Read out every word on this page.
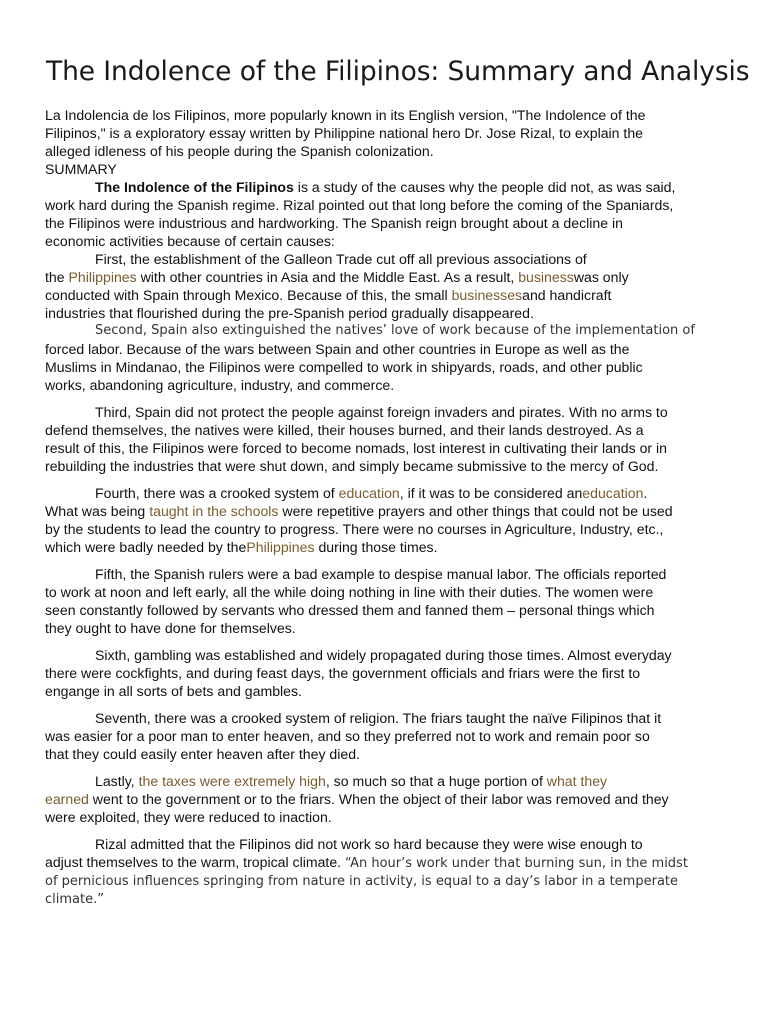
The Indolence of the Filipinos: Summary and Analysis

La Indolencia de los Filipinos, more popularly known in its English version, "The Indolence of the
Filipinos," is a exploratory essay written by Philippine national hero Dr. Jose Rizal, to explain the
alleged idleness of his people during the Spanish colonization.
SUMMARY

The Indolence of the Filipinos is a study of the causes why the people did not, as was said,
work hard during the Spanish regime. Rizal pointed out that long before the coming of the Spaniards,
the Filipinos were industrious and hardworking. The Spanish reign brought about a decline in
economic activities because of certain causes:

First, the establishment of the Galleon Trade cut off all previous associations of
the Philippines with other countries in Asia and the Middle East. As a result, businesswas only
conducted with Spain through Mexico. Because of this, the small businessesand handicraft
industries that flourished during the pre-Spanish period gradually disappeared.

Second, Spain also extinguished the natives’ love of work because of the implementation of
forced labor. Because of the wars between Spain and other countries in Europe as well as the
Muslims in Mindanao, the Filipinos were compelled to work in shipyards, roads, and other public
works, abandoning agriculture, industry, and commerce.

Third, Spain did not protect the people against foreign invaders and pirates. With no arms to
defend themselves, the natives were killed, their houses burned, and their lands destroyed. As a
result of this, the Filipinos were forced to become nomads, lost interest in cultivating their lands or in
rebuilding the industries that were shut down, and simply became submissive to the mercy of God.

Fourth, there was a crooked system of education, if it was to be considered aneducation.
What was being taught in the schools were repetitive prayers and other things that could not be used
by the students to lead the country to progress. There were no courses in Agriculture, Industry, etc.,
which were badly needed by thePhilippines during those times.

Fifth, the Spanish rulers were a bad example to despise manual labor. The officials reported
to work at noon and left early, all the while doing nothing in line with their duties. The women were
seen constantly followed by servants who dressed them and fanned them – personal things which
they ought to have done for themselves.

Sixth, gambling was established and widely propagated during those times. Almost everyday
there were cockfights, and during feast days, the government officials and friars were the first to
engange in all sorts of bets and gambles.

Seventh, there was a crooked system of religion. The friars taught the naïve Filipinos that it
was easier for a poor man to enter heaven, and so they preferred not to work and remain poor so
that they could easily enter heaven after they died.

Lastly, the taxes were extremely high, so much so that a huge portion of what they
earned went to the government or to the friars. When the object of their labor was removed and they
were exploited, they were reduced to inaction.

Rizal admitted that the Filipinos did not work so hard because they were wise enough to
adjust themselves to the warm, tropical climate. “An hour’s work under that burning sun, in the midst
of pernicious influences springing from nature in activity, is equal to a day’s labor in a temperate
climate.”
